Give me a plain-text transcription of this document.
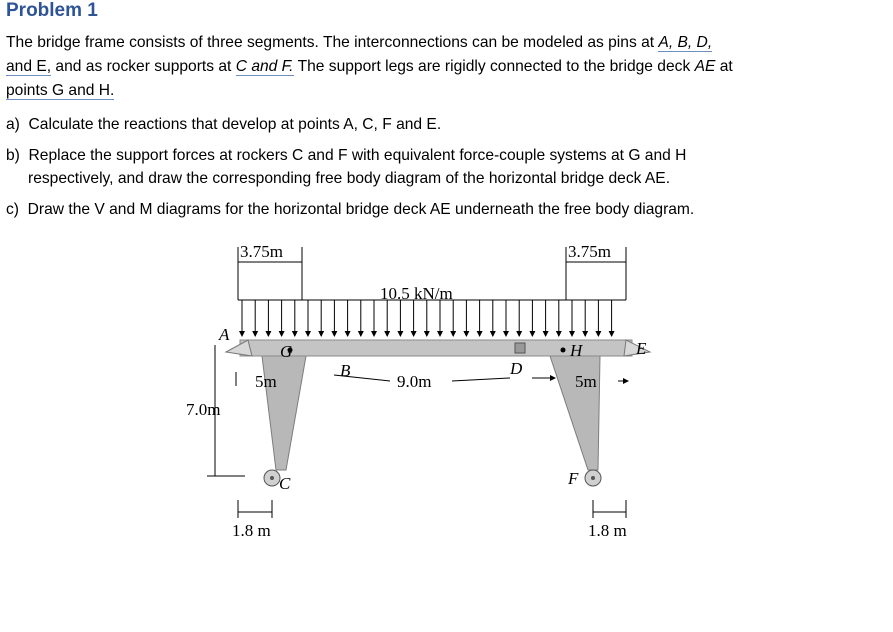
Problem 1
The bridge frame consists of three segments. The interconnections can be modeled as pins at A, B, D,
and E, and as rocker supports at C and F. The support legs are rigidly connected to the bridge deck AE at
points G and H.
a) Calculate the reactions that develop at points A, C, F and E.
b) Replace the support forces at rockers C and F with equivalent force-couple systems at G and H
respectively, and draw the corresponding free body diagram of the horizontal bridge deck AE.
c) Draw the V and M diagrams for the horizontal bridge deck AE underneath the free body diagram.
3.75m	3.75m
10.5 kN/m
A
G
B	D
H	E
C	F
5m	9.0m	5m
7.0m
1.8 m	1.8 m
